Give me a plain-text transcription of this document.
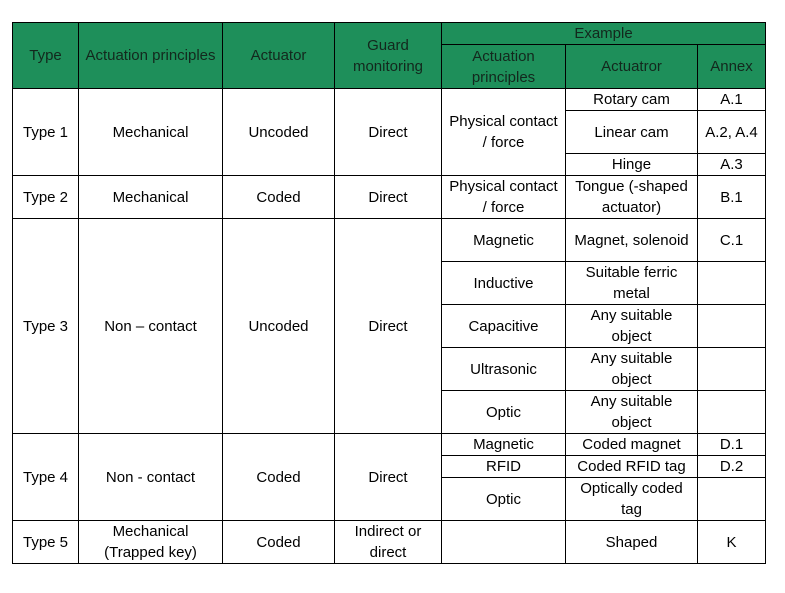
Type	Actuation principles	Actuator	Guard monitoring	Example		
				Actuation principles	Actuatror	Annex
Type 1	Mechanical	Uncoded	Direct	Physical contact / force	Rotary cam	A.1
					Linear cam	A.2, A.4
					Hinge	A.3
Type 2	Mechanical	Coded	Direct	Physical contact / force	Tongue (-shaped actuator)	B.1
Type 3	Non – contact	Uncoded	Direct	Magnetic	Magnet, solenoid	C.1
				Inductive	Suitable ferric metal	
				Capacitive	Any suitable object	
				Ultrasonic	Any suitable object	
				Optic	Any suitable object	
Type 4	Non - contact	Coded	Direct	Magnetic	Coded magnet	D.1
				RFID	Coded RFID tag	D.2
				Optic	Optically coded tag	
Type 5	Mechanical (Trapped key)	Coded	Indirect or direct		Shaped	K
